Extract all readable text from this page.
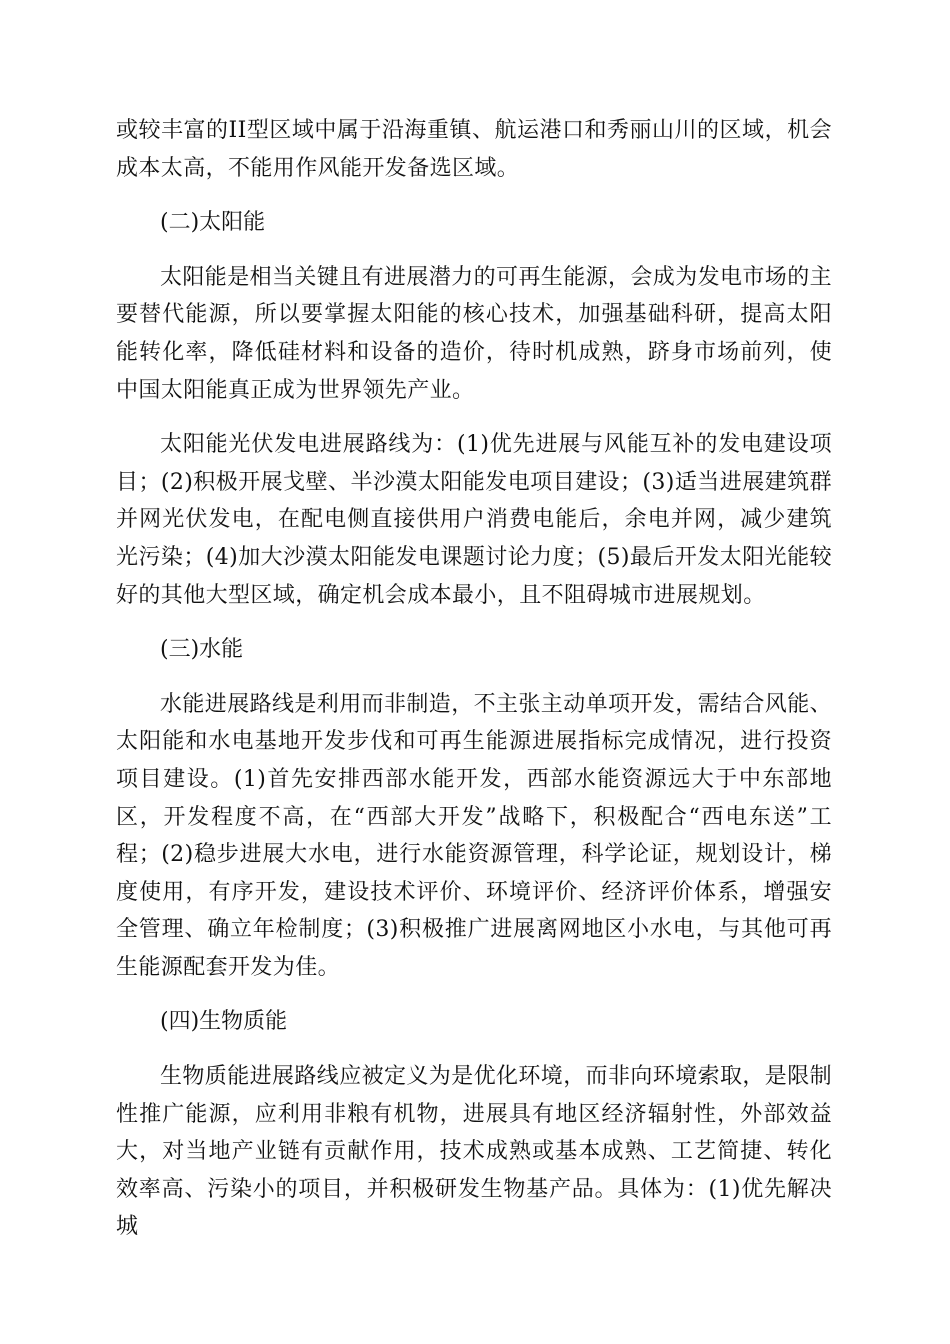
或较丰富的II型区域中属于沿海重镇、航运港口和秀丽山川的区域，机会成本太高，不能用作风能开发备选区域。

(二)太阳能

太阳能是相当关键且有进展潜力的可再生能源，会成为发电市场的主要替代能源，所以要掌握太阳能的核心技术，加强基础科研，提高太阳能转化率，降低硅材料和设备的造价，待时机成熟，跻身市场前列，使中国太阳能真正成为世界领先产业。

太阳能光伏发电进展路线为：(1)优先进展与风能互补的发电建设项目；(2)积极开展戈壁、半沙漠太阳能发电项目建设；(3)适当进展建筑群并网光伏发电，在配电侧直接供用户消费电能后，余电并网，减少建筑光污染；(4)加大沙漠太阳能发电课题讨论力度；(5)最后开发太阳光能较好的其他大型区域，确定机会成本最小，且不阻碍城市进展规划。

(三)水能

水能进展路线是利用而非制造，不主张主动单项开发，需结合风能、太阳能和水电基地开发步伐和可再生能源进展指标完成情况，进行投资项目建设。(1)首先安排西部水能开发，西部水能资源远大于中东部地区，开发程度不高，在“西部大开发”战略下，积极配合“西电东送”工程；(2)稳步进展大水电，进行水能资源管理，科学论证，规划设计，梯度使用，有序开发，建设技术评价、环境评价、经济评价体系，增强安全管理、确立年检制度；(3)积极推广进展离网地区小水电，与其他可再生能源配套开发为佳。

(四)生物质能

生物质能进展路线应被定义为是优化环境，而非向环境索取，是限制性推广能源，应利用非粮有机物，进展具有地区经济辐射性，外部效益大，对当地产业链有贡献作用，技术成熟或基本成熟、工艺简捷、转化效率高、污染小的项目，并积极研发生物基产品。具体为：(1)优先解决城
